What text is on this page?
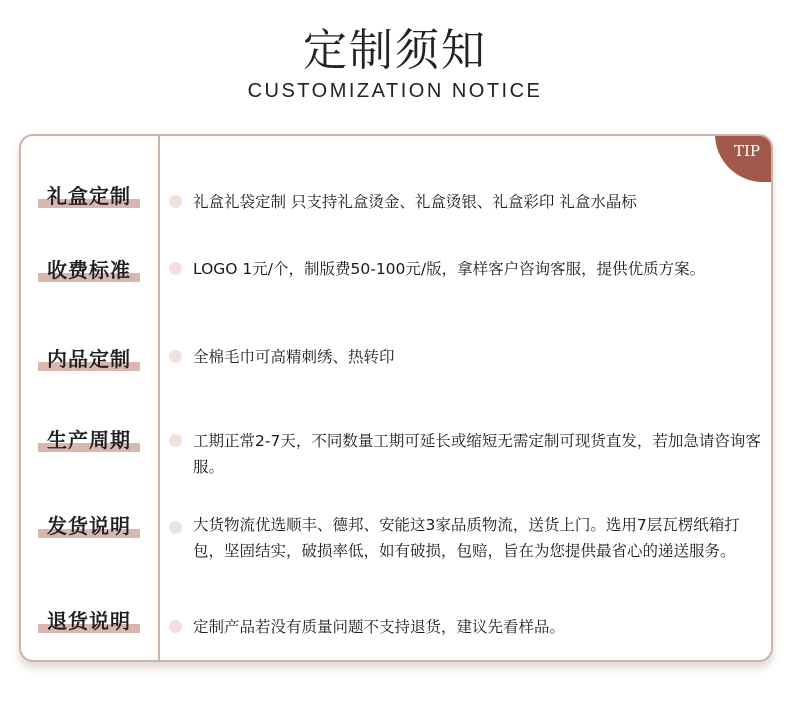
定制须知
CUSTOMIZATION NOTICE
TIP
礼盒定制	礼盒礼袋定制 只支持礼盒烫金、礼盒烫银、礼盒彩印 礼盒水晶标
收费标准	LOGO 1元/个，制版费50-100元/版，拿样客户咨询客服，提供优质方案。
内品定制	全棉毛巾可高精刺绣、热转印
生产周期	工期正常2-7天，不同数量工期可延长或缩短无需定制可现货直发，若加急请咨询客服。
发货说明	大货物流优选顺丰、德邦、安能这3家品质物流，送货上门。选用7层瓦楞纸箱打包，坚固结实，破损率低，如有破损，包赔，旨在为您提供最省心的递送服务。
退货说明	定制产品若没有质量问题不支持退货，建议先看样品。
